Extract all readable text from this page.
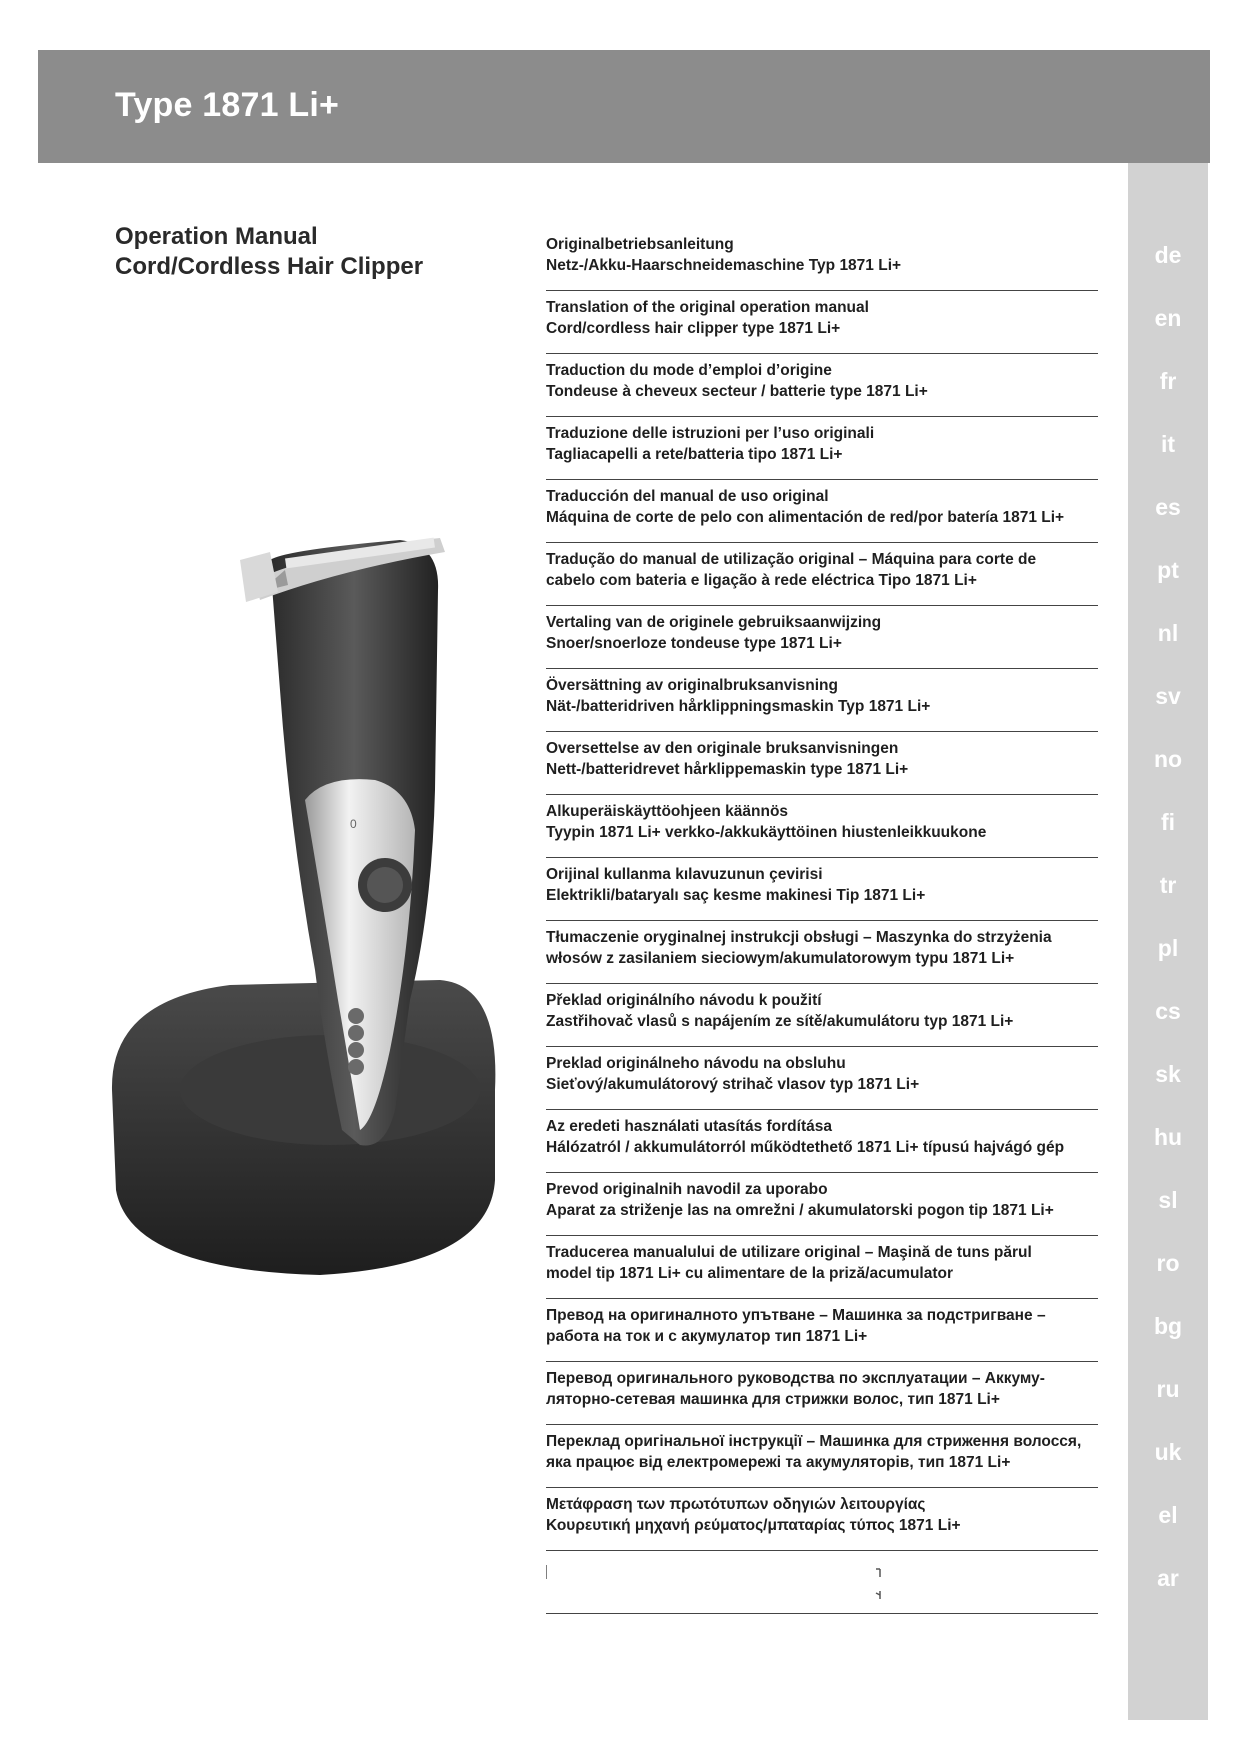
Type 1871 Li+
Operation Manual
Cord/Cordless Hair Clipper
0
Originalbetriebsanleitung
Netz-/Akku-Haarschneidemaschine Typ 1871 Li+
Translation of the original operation manual
Cord/cordless hair clipper type 1871 Li+
Traduction du mode d’emploi d’origine
Tondeuse à cheveux secteur / batterie type 1871 Li+
Traduzione delle istruzioni per l’uso originali
Tagliacapelli a rete/batteria tipo 1871 Li+
Traducción del manual de uso original
Máquina de corte de pelo con alimentación de red/por batería 1871 Li+
Tradução do manual de utilização original – Máquina para corte de
cabelo com bateria e ligação à rede eléctrica Tipo 1871 Li+
Vertaling van de originele gebruiksaanwijzing
Snoer/snoerloze tondeuse type 1871 Li+
Översättning av originalbruksanvisning
Nät-/batteridriven hårklippningsmaskin Typ 1871 Li+
Oversettelse av den originale bruksanvisningen
Nett-/batteridrevet hårklippemaskin type 1871 Li+
Alkuperäiskäyttöohjeen käännös
Tyypin 1871 Li+ verkko-/akkukäyttöinen hiustenleikkuukone
Orijinal kullanma kılavuzunun çevirisi
Elektrikli/bataryalı saç kesme makinesi Tip 1871 Li+
Tłumaczenie oryginalnej instrukcji obsługi – Maszynka do strzyżenia
włosów z zasilaniem sieciowym/akumulatorowym typu 1871 Li+
Překlad originálního návodu k použití
Zastřihovač vlasů s napájením ze sítě/akumulátoru typ 1871 Li+
Preklad originálneho návodu na obsluhu
Sieťový/akumulátorový strihač vlasov typ 1871 Li+
Az eredeti használati utasítás fordítása
Hálózatról / akkumulátorról működtethető 1871 Li+ típusú hajvágó gép
Prevod originalnih navodil za uporabo
Aparat za striženje las na omrežni / akumulatorski pogon tip 1871 Li+
Traducerea manualului de utilizare original – Maşină de tuns părul
model tip 1871 Li+ cu alimentare de la priză/acumulator
Превод на оригиналното упътване – Машинка за подстригване –
работа на ток и с акумулатор тип 1871 Li+
Перевод оригинального руководства по эксплуатации – Аккуму-
ляторно-сетевая машинка для стрижки волос, тип 1871 Li+
Переклад оригінальної інструкції – Машинка для стриження волосся,
яка працює від електромережі та акумуляторів, тип 1871 Li+
Μετάφραση των πρωτότυπων οδηγιών λειτουργίας
Κουρευτική μηχανή ρεύματος/μπαταρίας τύπος 1871 Li+
de
en
fr
it
es
pt
nl
sv
no
fi
tr
pl
cs
sk
hu
sl
ro
bg
ru
uk
el
ar
